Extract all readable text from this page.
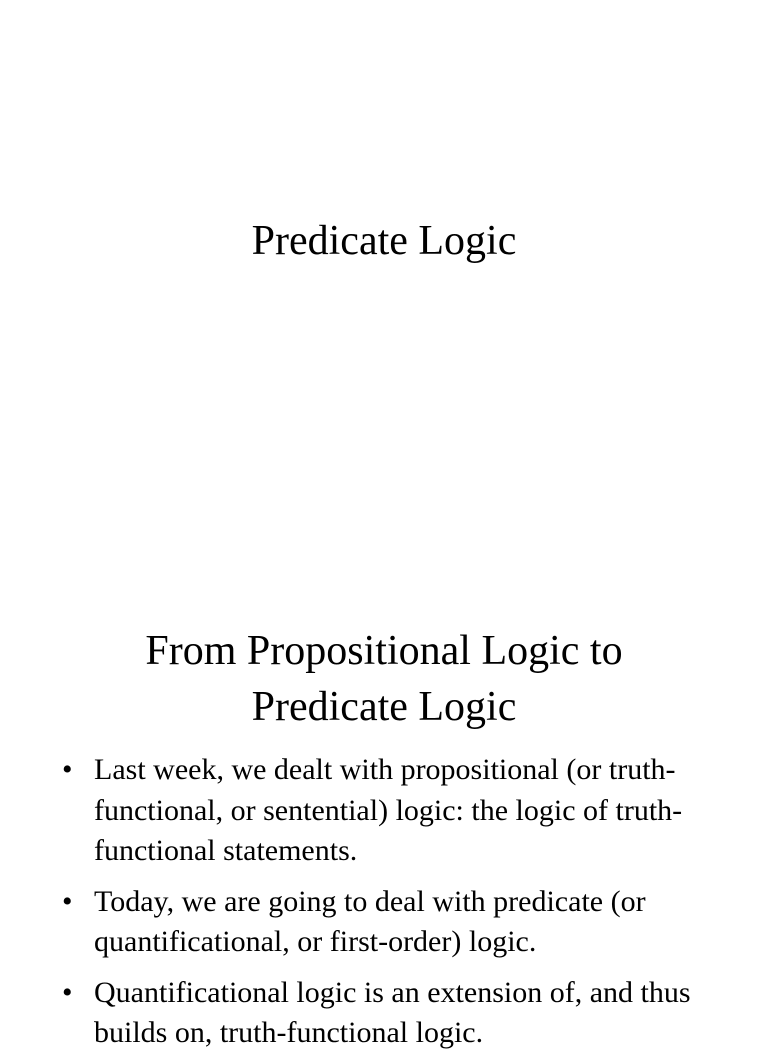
Predicate Logic
From Propositional Logic to
Predicate Logic
• Last week, we dealt with propositional (or truth-functional, or sentential) logic: the logic of truth-functional statements.
• Today, we are going to deal with predicate (or quantificational, or first-order) logic.
• Quantificational logic is an extension of, and thus builds on, truth-functional logic.
